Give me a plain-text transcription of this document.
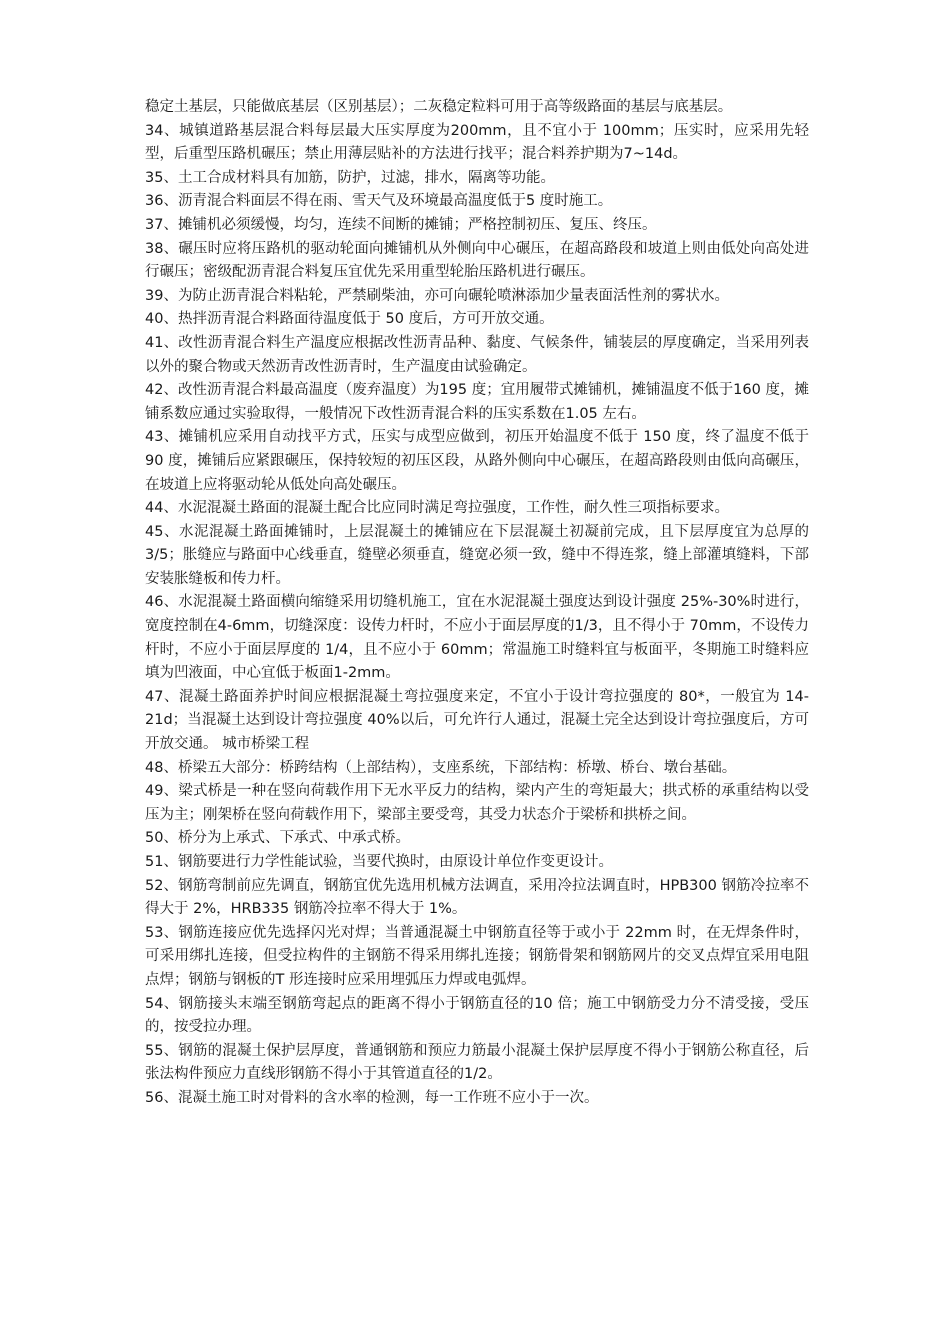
稳定土基层，只能做底基层（区别基层）；二灰稳定粒料可用于高等级路面的基层与底基层。

34、城镇道路基层混合料每层最大压实厚度为200mm，且不宜小于 100mm；压实时，应采用先轻型，后重型压路机碾压；禁止用薄层贴补的方法进行找平；混合料养护期为7~14d。

35、土工合成材料具有加筋，防护，过滤，排水，隔离等功能。

36、沥青混合料面层不得在雨、雪天气及环境最高温度低于5 度时施工。

37、摊铺机必须缓慢，均匀，连续不间断的摊铺；严格控制初压、复压、终压。

38、碾压时应将压路机的驱动轮面向摊铺机从外侧向中心碾压，在超高路段和坡道上则由低处向高处进行碾压；密级配沥青混合料复压宜优先采用重型轮胎压路机进行碾压。

39、为防止沥青混合料粘轮，严禁刷柴油，亦可向碾轮喷淋添加少量表面活性剂的雾状水。

40、热拌沥青混合料路面待温度低于 50 度后，方可开放交通。

41、改性沥青混合料生产温度应根据改性沥青品种、黏度、气候条件，铺装层的厚度确定，当采用列表以外的聚合物或天然沥青改性沥青时，生产温度由试验确定。

42、改性沥青混合料最高温度（废弃温度）为195 度；宜用履带式摊铺机，摊铺温度不低于160 度，摊铺系数应通过实验取得，一般情况下改性沥青混合料的压实系数在1.05 左右。

43、摊铺机应采用自动找平方式，压实与成型应做到，初压开始温度不低于 150 度，终了温度不低于 90 度，摊铺后应紧跟碾压，保持较短的初压区段，从路外侧向中心碾压，在超高路段则由低向高碾压，在坡道上应将驱动轮从低处向高处碾压。

44、水泥混凝土路面的混凝土配合比应同时满足弯拉强度，工作性，耐久性三项指标要求。

45、水泥混凝土路面摊铺时，上层混凝土的摊铺应在下层混凝土初凝前完成，且下层厚度宜为总厚的 3/5；胀缝应与路面中心线垂直，缝壁必须垂直，缝宽必须一致，缝中不得连浆，缝上部灌填缝料，下部安装胀缝板和传力杆。

46、水泥混凝土路面横向缩缝采用切缝机施工，宜在水泥混凝土强度达到设计强度 25%-30%时进行，宽度控制在4-6mm，切缝深度：设传力杆时，不应小于面层厚度的1/3，且不得小于 70mm，不设传力杆时，不应小于面层厚度的 1/4，且不应小于 60mm；常温施工时缝料宜与板面平，冬期施工时缝料应填为凹液面，中心宜低于板面1-2mm。

47、混凝土路面养护时间应根据混凝土弯拉强度来定，不宜小于设计弯拉强度的 80*，一般宜为 14-21d；当混凝土达到设计弯拉强度 40%以后，可允许行人通过，混凝土完全达到设计弯拉强度后，方可开放交通。 城市桥梁工程

48、桥梁五大部分：桥跨结构（上部结构），支座系统，下部结构：桥墩、桥台、墩台基础。

49、梁式桥是一种在竖向荷载作用下无水平反力的结构，梁内产生的弯矩最大；拱式桥的承重结构以受压为主；刚架桥在竖向荷载作用下，梁部主要受弯，其受力状态介于梁桥和拱桥之间。

50、桥分为上承式、下承式、中承式桥。

51、钢筋要进行力学性能试验，当要代换时，由原设计单位作变更设计。

52、钢筋弯制前应先调直，钢筋宜优先选用机械方法调直，采用冷拉法调直时，HPB300 钢筋冷拉率不得大于 2%，HRB335 钢筋冷拉率不得大于 1%。

53、钢筋连接应优先选择闪光对焊；当普通混凝土中钢筋直径等于或小于 22mm 时，在无焊条件时，可采用绑扎连接，但受拉构件的主钢筋不得采用绑扎连接；钢筋骨架和钢筋网片的交叉点焊宜采用电阻点焊；钢筋与钢板的T 形连接时应采用埋弧压力焊或电弧焊。

54、钢筋接头末端至钢筋弯起点的距离不得小于钢筋直径的10 倍；施工中钢筋受力分不清受接，受压的，按受拉办理。

55、钢筋的混凝土保护层厚度，普通钢筋和预应力筋最小混凝土保护层厚度不得小于钢筋公称直径，后张法构件预应力直线形钢筋不得小于其管道直径的1/2。

56、混凝土施工时对骨料的含水率的检测，每一工作班不应小于一次。
